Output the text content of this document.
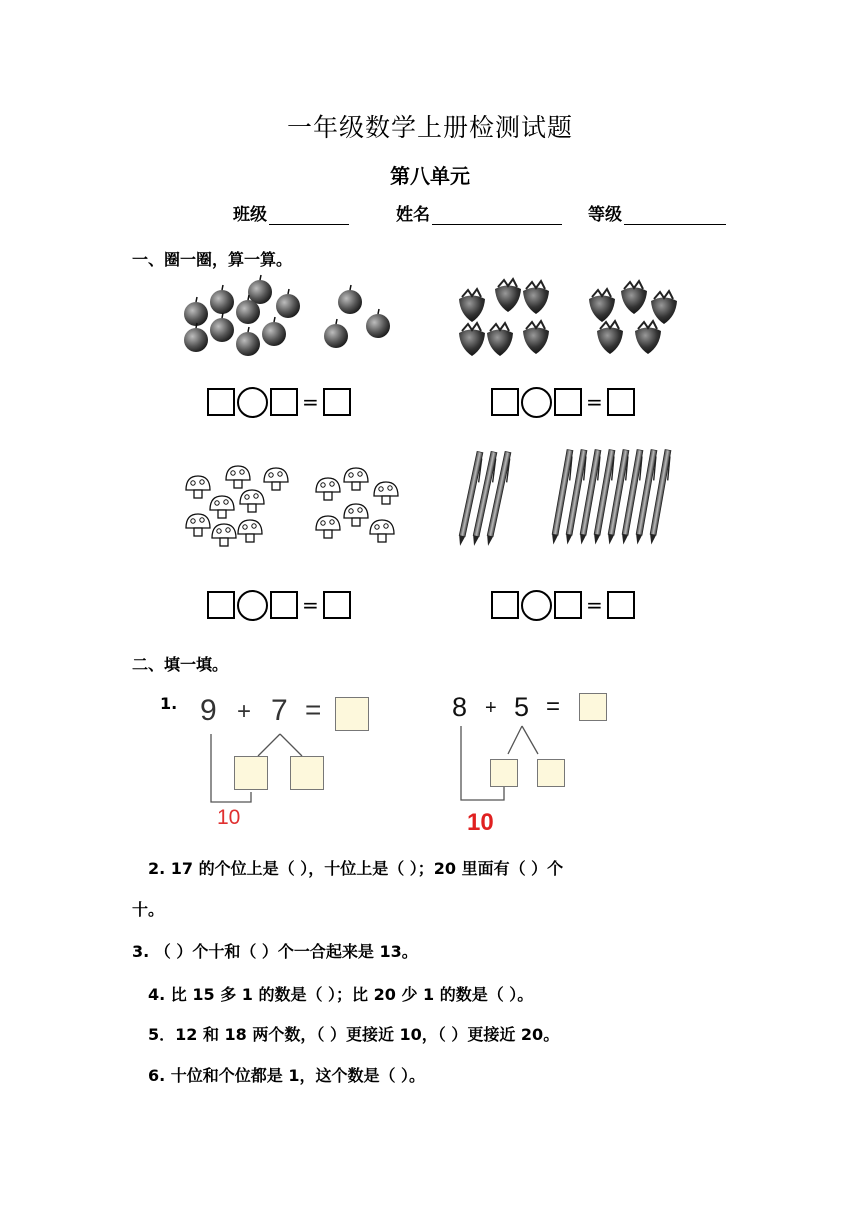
一年级数学上册检测试题
第八单元
班级	姓名	等级
一、圈一圈，算一算。
=	=
=	=
二、填一填。
1. 9 + 7 =
10
8 + 5 =
10
2. 17 的个位上是（ ），十位上是（ ）；20 里面有（ ）个
十。
3. （ ）个十和（ ）个一合起来是 13。
4. 比 15 多 1 的数是（ ）；比 20 少 1 的数是（ ）。
5．12 和 18 两个数，（ ）更接近 10，（ ）更接近 20。
6. 十位和个位都是 1，这个数是（ ）。
